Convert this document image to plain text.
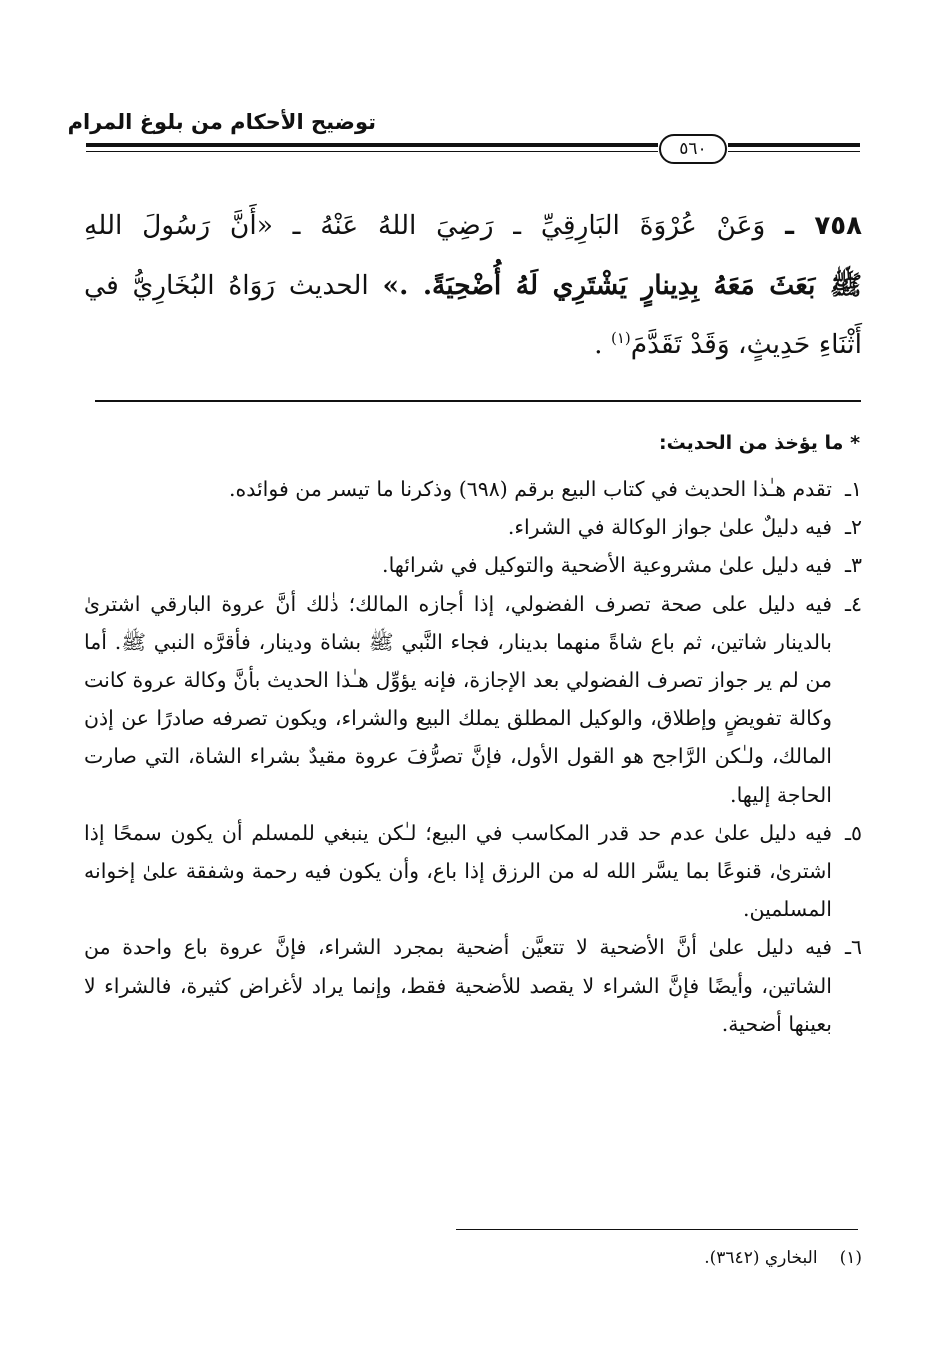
توضيح الأحكام من بلوغ المرام
٥٦٠
٧٥٨ ـ وَعَنْ عُرْوَةَ البَارِقِيِّ ـ رَضِيَ اللهُ عَنْهُ ـ «أَنَّ رَسُولَ اللهِ
ﷺ بَعَثَ مَعَهُ بِدِينارٍ يَشْتَرِي لَهُ أُضْحِيَةً. .» الحديث رَوَاهُ البُخَارِيُّ في
أَثْنَاءِ حَدِيثٍ، وَقَدْ تَقَدَّمَ$^{(١)}$ .
* ما يؤخذ من الحديث:
١ـ
تقدم هـٰذا الحديث في كتاب البيع برقم (٦٩٨) وذكرنا ما تيسر من فوائده.
٢ـ
فيه دليلٌ علىٰ جواز الوكالة في الشراء.
٣ـ
فيه دليل علىٰ مشروعية الأضحية والتوكيل في شرائها.
٤ـ
فيه دليل على صحة تصرف الفضولي، إذا أجازه المالك؛ ذٰلك أنَّ عروة البارقي اشترىٰ بالدينار شاتين، ثم باع شاةً منهما بدينار، فجاء النَّبي ﷺ بشاة ودينار، فأقرَّه النبي ﷺ. أما من لم ير جواز تصرف الفضولي بعد الإجازة، فإنه يؤوِّل هـٰذا الحديث بأنَّ وكالة عروة كانت وكالة تفويضٍ وإطلاق، والوكيل المطلق يملك البيع والشراء، ويكون تصرفه صادرًا عن إذن المالك، ولـٰكن الرَّاجح هو القول الأول، فإنَّ تصرُّفَ عروة مقيدٌ بشراء الشاة، التي صارت الحاجة إليها.
٥ـ
فيه دليل علىٰ عدم حد قدر المكاسب في البيع؛ لـٰكن ينبغي للمسلم أن يكون سمحًا إذا اشترىٰ، قنوعًا بما يسَّر الله له من الرزق إذا باع، وأن يكون فيه رحمة وشفقة علىٰ إخوانه المسلمين.
٦ـ
فيه دليل علىٰ أنَّ الأضحية لا تتعيَّن أضحية بمجرد الشراء، فإنَّ عروة باع واحدة من الشاتين، وأيضًا فإنَّ الشراء لا يقصد للأضحية فقط، وإنما يراد لأغراض كثيرة، فالشراء لا بعينها أضحية.
(١)البخاري (٣٦٤٢).
